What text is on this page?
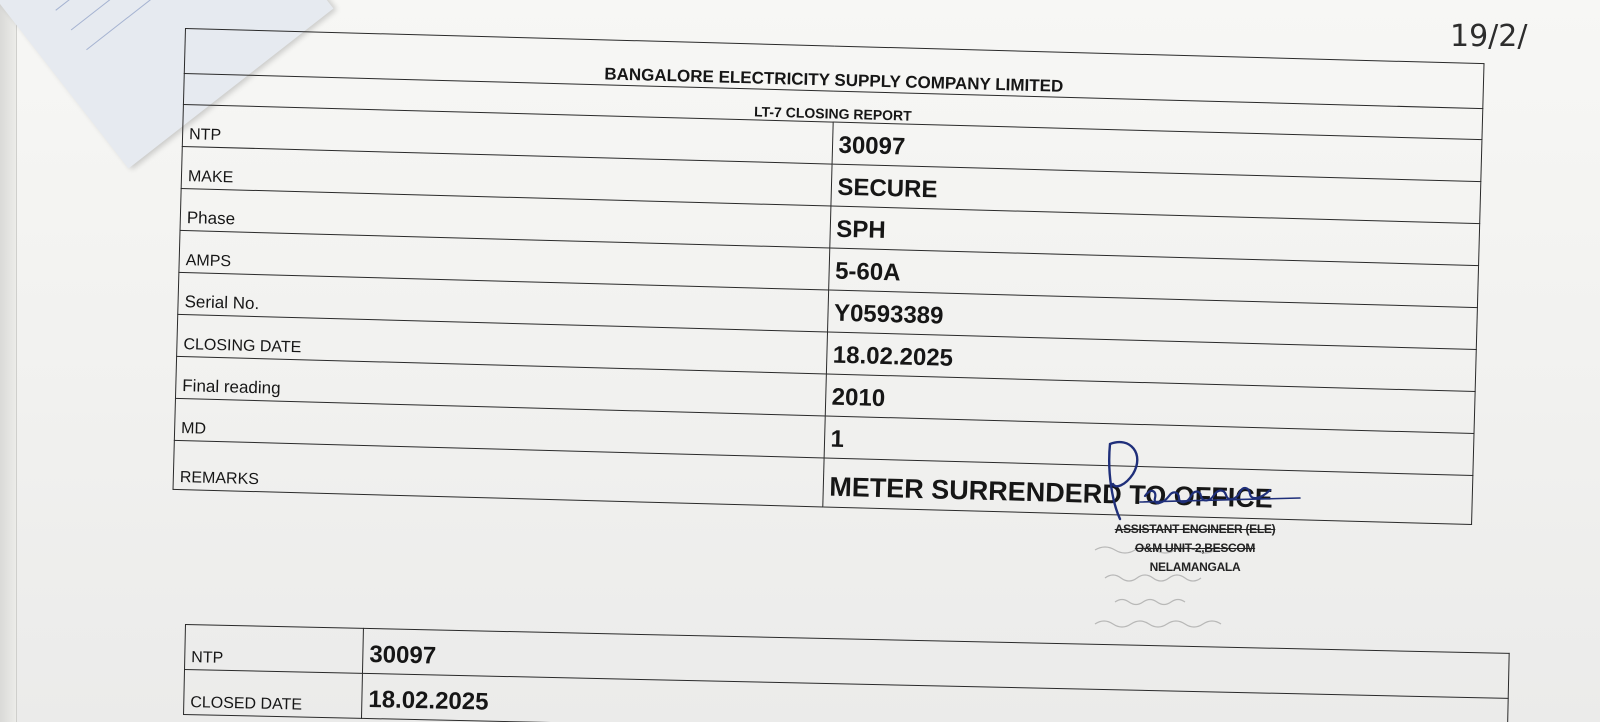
BANGALORE ELECTRICITY SUPPLY COMPANY LIMITED	
LT-7 CLOSING REPORT	
NTP	30097
MAKE	SECURE
Phase	SPH
AMPS	5-60A
Serial No.	Y0593389
CLOSING DATE	18.02.2025
Final reading	2010
MD	1
REMARKS	METER SURRENDERD TO OFFICE
19/2/
ASSISTANT ENGINEER (ELE)
O&M UNIT-2,BESCOM
NELAMANGALA
NTP	30097
CLOSED DATE	18.02.2025
